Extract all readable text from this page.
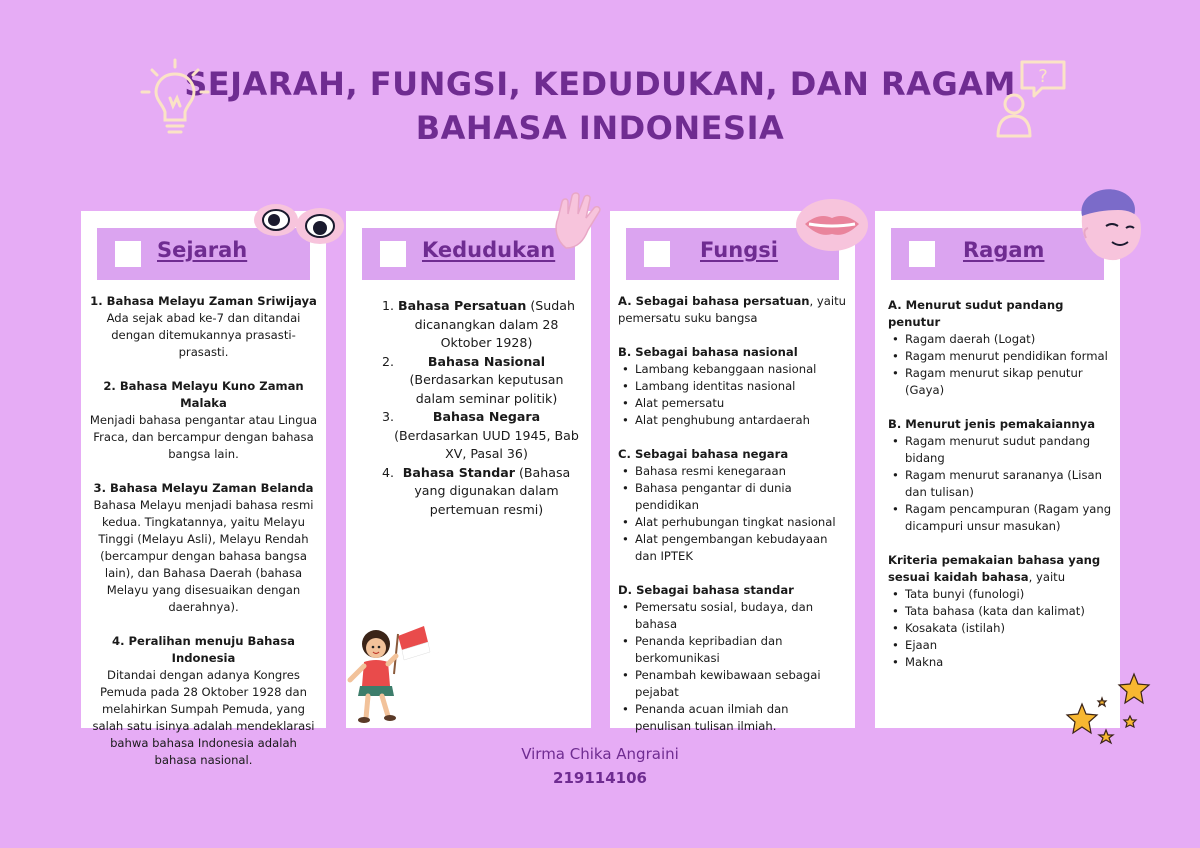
SEJARAH, FUNGSI, KEDUDUKAN, DAN RAGAM
BAHASA INDONESIA
?
Sejarah
1. Bahasa Melayu Zaman Sriwijaya
Ada sejak abad ke-7 dan ditandai dengan ditemukannya prasasti-prasasti.
2. Bahasa Melayu Kuno Zaman Malaka
Menjadi bahasa pengantar atau Lingua Fraca, dan bercampur dengan bahasa bangsa lain.
3. Bahasa Melayu Zaman Belanda
Bahasa Melayu menjadi bahasa resmi kedua. Tingkatannya, yaitu Melayu Tinggi (Melayu Asli), Melayu Rendah (bercampur dengan bahasa bangsa lain), dan Bahasa Daerah (bahasa Melayu yang disesuaikan dengan daerahnya).
4. Peralihan menuju Bahasa Indonesia
Ditandai dengan adanya Kongres Pemuda pada 28 Oktober 1928 dan melahirkan Sumpah Pemuda, yang salah satu isinya adalah mendeklarasi bahwa bahasa Indonesia adalah bahasa nasional.
Kedudukan
1. Bahasa Persatuan (Sudah dicanangkan dalam 28 Oktober 1928)
2.	Bahasa Nasional
(Berdasarkan keputusan dalam seminar politik)
3.	Bahasa Negara
(Berdasarkan UUD 1945, Bab XV, Pasal 36)
4. Bahasa Standar (Bahasa yang digunakan dalam pertemuan resmi)
Fungsi
A. Sebagai bahasa persatuan, yaitu pemersatu suku bangsa
B. Sebagai bahasa nasional
• Lambang kebanggaan nasional
• Lambang identitas nasional
• Alat pemersatu
• Alat penghubung antardaerah
C. Sebagai bahasa negara
• Bahasa resmi kenegaraan
• Bahasa pengantar di dunia pendidikan
• Alat perhubungan tingkat nasional
• Alat pengembangan kebudayaan dan IPTEK
D. Sebagai bahasa standar
• Pemersatu sosial, budaya, dan bahasa
• Penanda kepribadian dan berkomunikasi
• Penambah kewibawaan sebagai pejabat
• Penanda acuan ilmiah dan penulisan tulisan ilmiah.
Ragam
A. Menurut sudut pandang penutur
• Ragam daerah (Logat)
• Ragam menurut pendidikan formal
• Ragam menurut sikap penutur (Gaya)
B. Menurut jenis pemakaiannya
• Ragam menurut sudut pandang bidang
• Ragam menurut sarananya (Lisan dan tulisan)
• Ragam pencampuran (Ragam yang dicampuri unsur masukan)
Kriteria pemakaian bahasa yang sesuai kaidah bahasa, yaitu
• Tata bunyi (funologi)
• Tata bahasa (kata dan kalimat)
• Kosakata (istilah)
• Ejaan
• Makna
Virma Chika Angraini
219114106
